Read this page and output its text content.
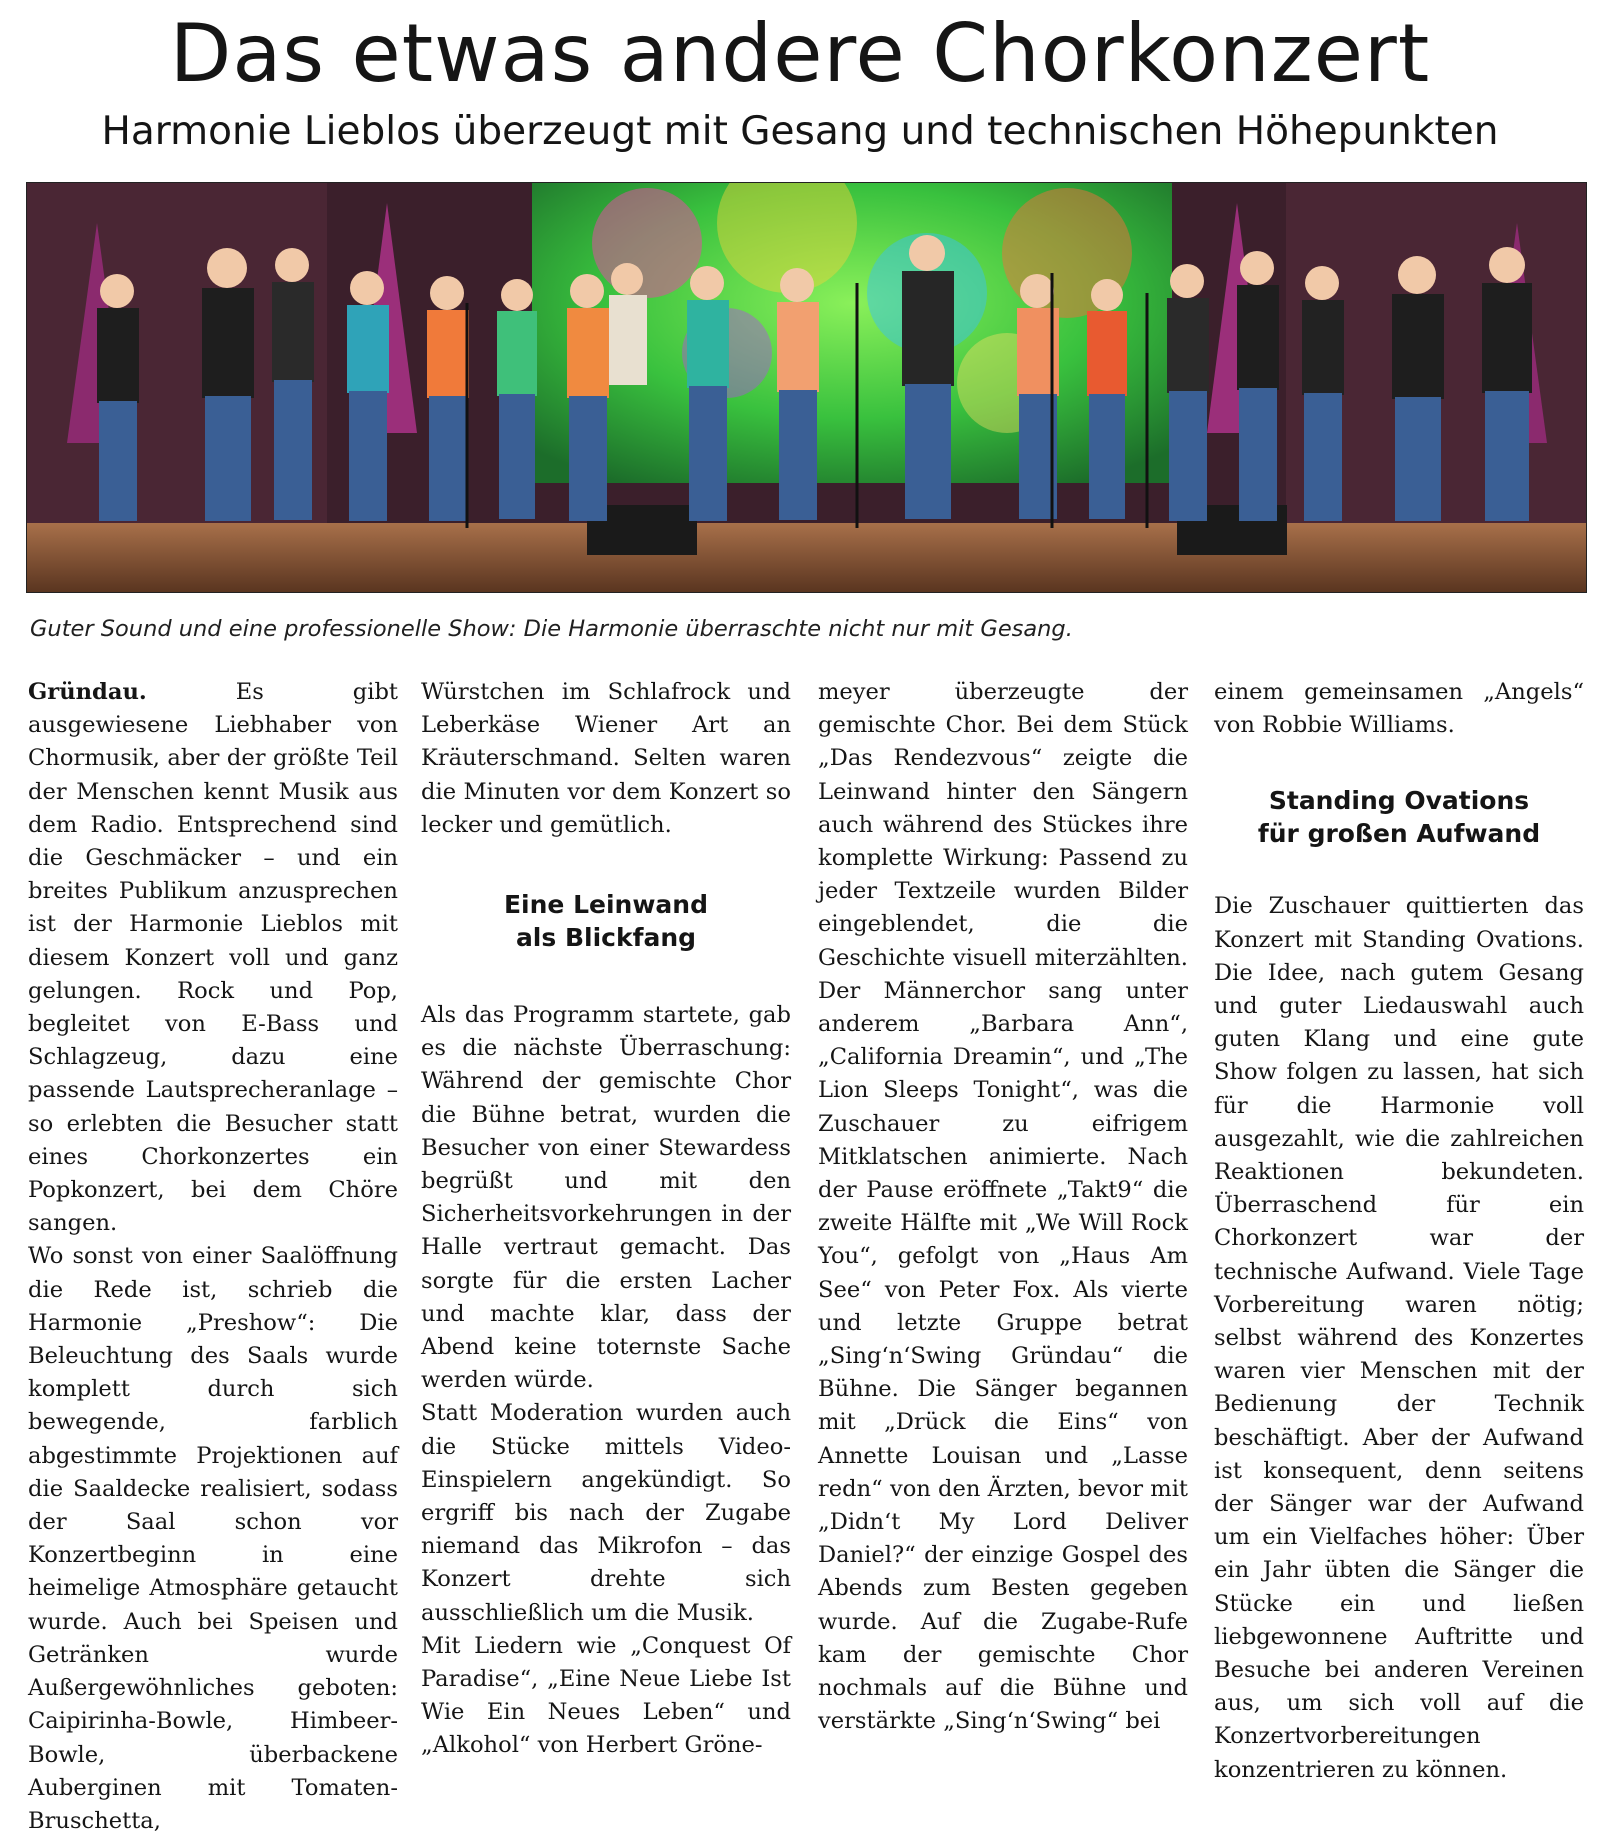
Das etwas andere Chorkonzert
Harmonie Lieblos überzeugt mit Gesang und technischen Höhepunkten

Guter Sound und eine professionelle Show: Die Harmonie überraschte nicht nur mit Gesang.

Gründau. Es gibt ausgewiesene Liebhaber von Chormusik, aber der größte Teil der Menschen kennt Musik aus dem Radio. Entsprechend sind die Geschmäcker – und ein breites Publikum anzusprechen ist der Harmonie Lieblos mit diesem Konzert voll und ganz gelungen. Rock und Pop, begleitet von E-Bass und Schlagzeug, dazu eine passende Lautsprecheranlage – so erlebten die Besucher statt eines Chorkonzertes ein Popkonzert, bei dem Chöre sangen.

Wo sonst von einer Saalöffnung die Rede ist, schrieb die Harmonie „Preshow“: Die Beleuchtung des Saals wurde komplett durch sich bewegende, farblich abgestimmte Projektionen auf die Saaldecke realisiert, sodass der Saal schon vor Konzertbeginn in eine heimelige Atmosphäre getaucht wurde. Auch bei Speisen und Getränken wurde Außergewöhnliches geboten: Caipirinha-Bowle, Himbeer-Bowle, überbackene Auberginen mit Tomaten-Bruschetta,

Würstchen im Schlafrock und Leberkäse Wiener Art an Kräuterschmand. Selten waren die Minuten vor dem Konzert so lecker und gemütlich.

Eine Leinwand
als Blickfang

Als das Programm startete, gab es die nächste Überraschung: Während der gemischte Chor die Bühne betrat, wurden die Besucher von einer Stewardess begrüßt und mit den Sicherheitsvorkehrungen in der Halle vertraut gemacht. Das sorgte für die ersten Lacher und machte klar, dass der Abend keine toternste Sache werden würde.

Statt Moderation wurden auch die Stücke mittels Video-Einspielern angekündigt. So ergriff bis nach der Zugabe niemand das Mikrofon – das Konzert drehte sich ausschließlich um die Musik.

Mit Liedern wie „Conquest Of Paradise“, „Eine Neue Liebe Ist Wie Ein Neues Leben“ und „Alkohol“ von Herbert Gröne-

meyer überzeugte der gemischte Chor. Bei dem Stück „Das Rendezvous“ zeigte die Leinwand hinter den Sängern auch während des Stückes ihre komplette Wirkung: Passend zu jeder Textzeile wurden Bilder eingeblendet, die die Geschichte visuell miterzählten. Der Männerchor sang unter anderem „Barbara Ann“, „California Dreamin“, und „The Lion Sleeps Tonight“, was die Zuschauer zu eifrigem Mitklatschen animierte. Nach der Pause eröffnete „Takt9“ die zweite Hälfte mit „We Will Rock You“, gefolgt von „Haus Am See“ von Peter Fox. Als vierte und letzte Gruppe betrat „Sing‘n‘Swing Gründau“ die Bühne. Die Sänger begannen mit „Drück die Eins“ von Annette Louisan und „Lasse redn“ von den Ärzten, bevor mit „Didn‘t My Lord Deliver Daniel?“ der einzige Gospel des Abends zum Besten gegeben wurde. Auf die Zugabe-Rufe kam der gemischte Chor nochmals auf die Bühne und verstärkte „Sing‘n‘Swing“ bei

einem gemeinsamen „Angels“ von Robbie Williams.

Standing Ovations
für großen Aufwand

Die Zuschauer quittierten das Konzert mit Standing Ovations. Die Idee, nach gutem Gesang und guter Liedauswahl auch guten Klang und eine gute Show folgen zu lassen, hat sich für die Harmonie voll ausgezahlt, wie die zahlreichen Reaktionen bekundeten. Überraschend für ein Chorkonzert war der technische Aufwand. Viele Tage Vorbereitung waren nötig; selbst während des Konzertes waren vier Menschen mit der Bedienung der Technik beschäftigt. Aber der Aufwand ist konsequent, denn seitens der Sänger war der Aufwand um ein Vielfaches höher: Über ein Jahr übten die Sänger die Stücke ein und ließen liebgewonnene Auftritte und Besuche bei anderen Vereinen aus, um sich voll auf die Konzertvorbereitungen konzentrieren zu können.
